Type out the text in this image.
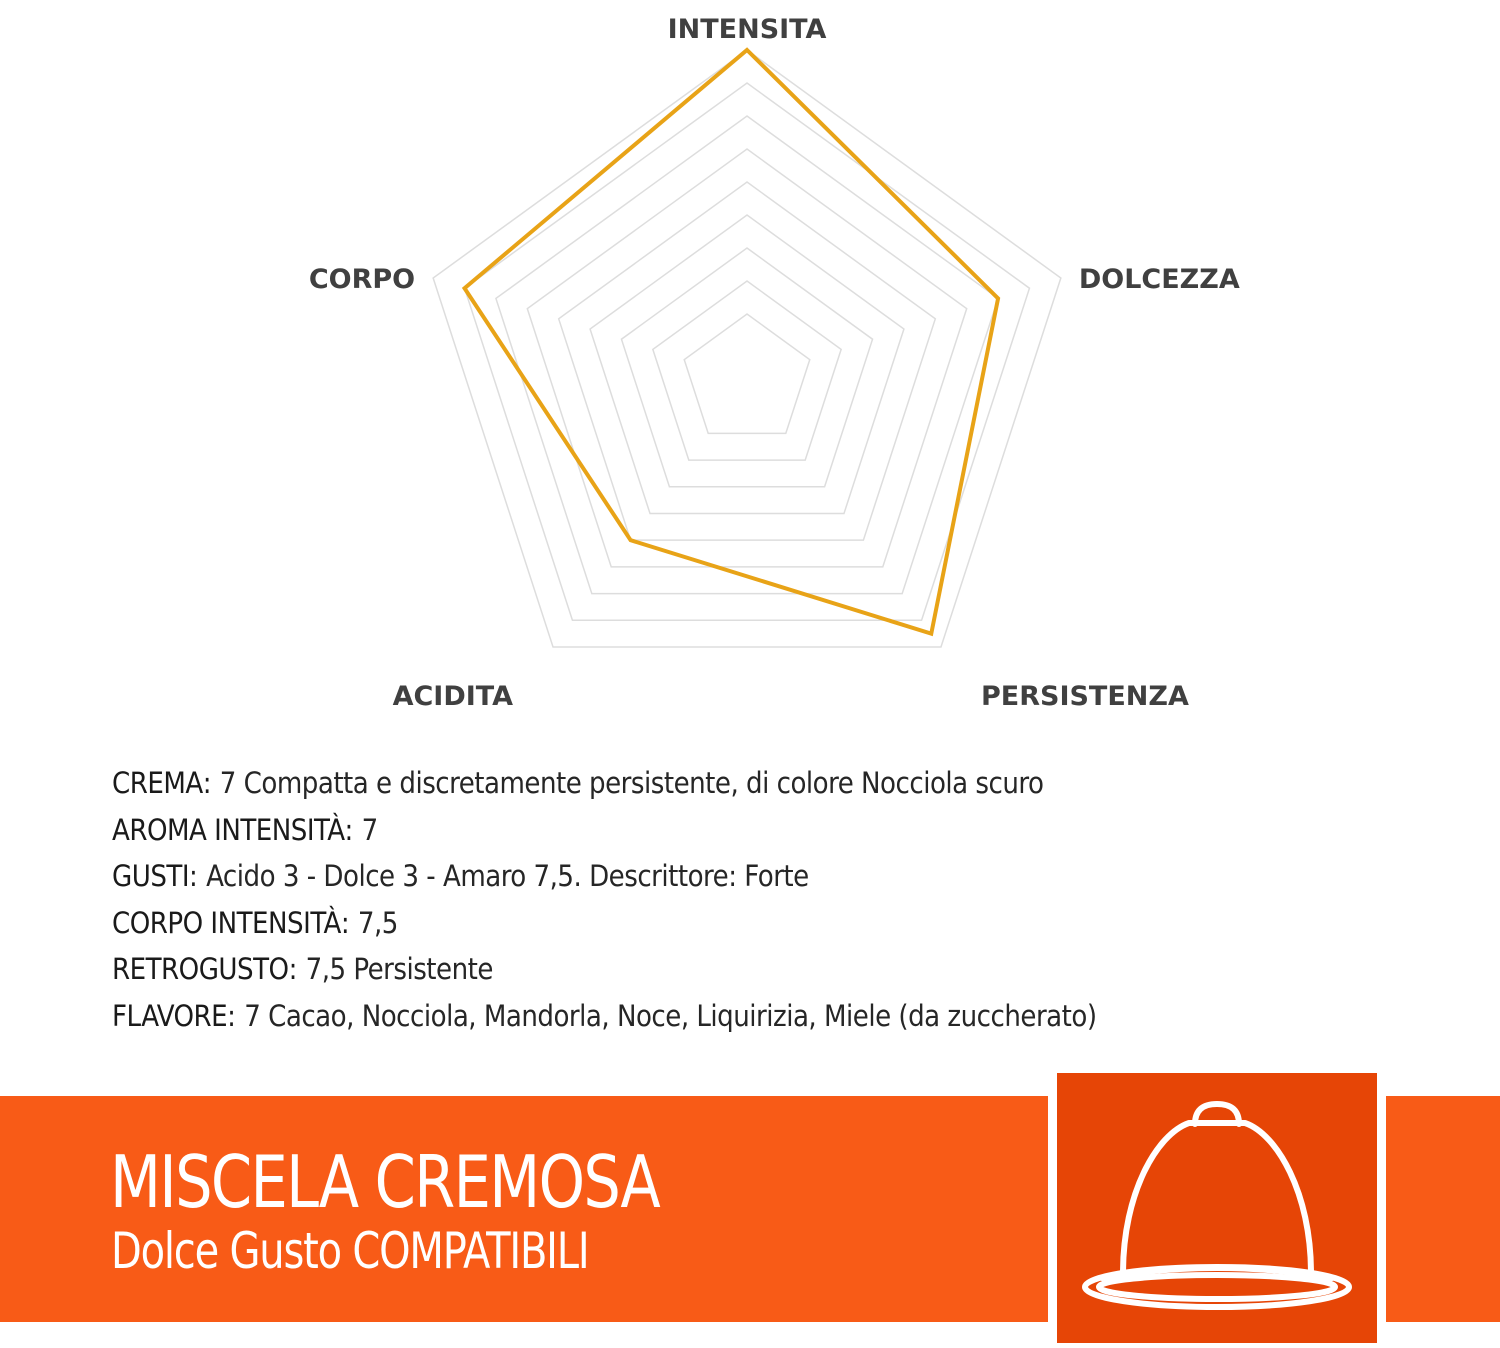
INTENSITA
DOLCEZZA
PERSISTENZA
ACIDITA
CORPO
CREMA: 7 Compatta e discretamente persistente, di colore Nocciola scuro
AROMA INTENSITÀ: 7
GUSTI: Acido 3 - Dolce 3 - Amaro 7,5. Descrittore: Forte
CORPO INTENSITÀ: 7,5
RETROGUSTO: 7,5 Persistente
FLAVORE: 7 Cacao, Nocciola, Mandorla, Noce, Liquirizia, Miele (da zuccherato)
MISCELA CREMOSA
Dolce Gusto COMPATIBILI
